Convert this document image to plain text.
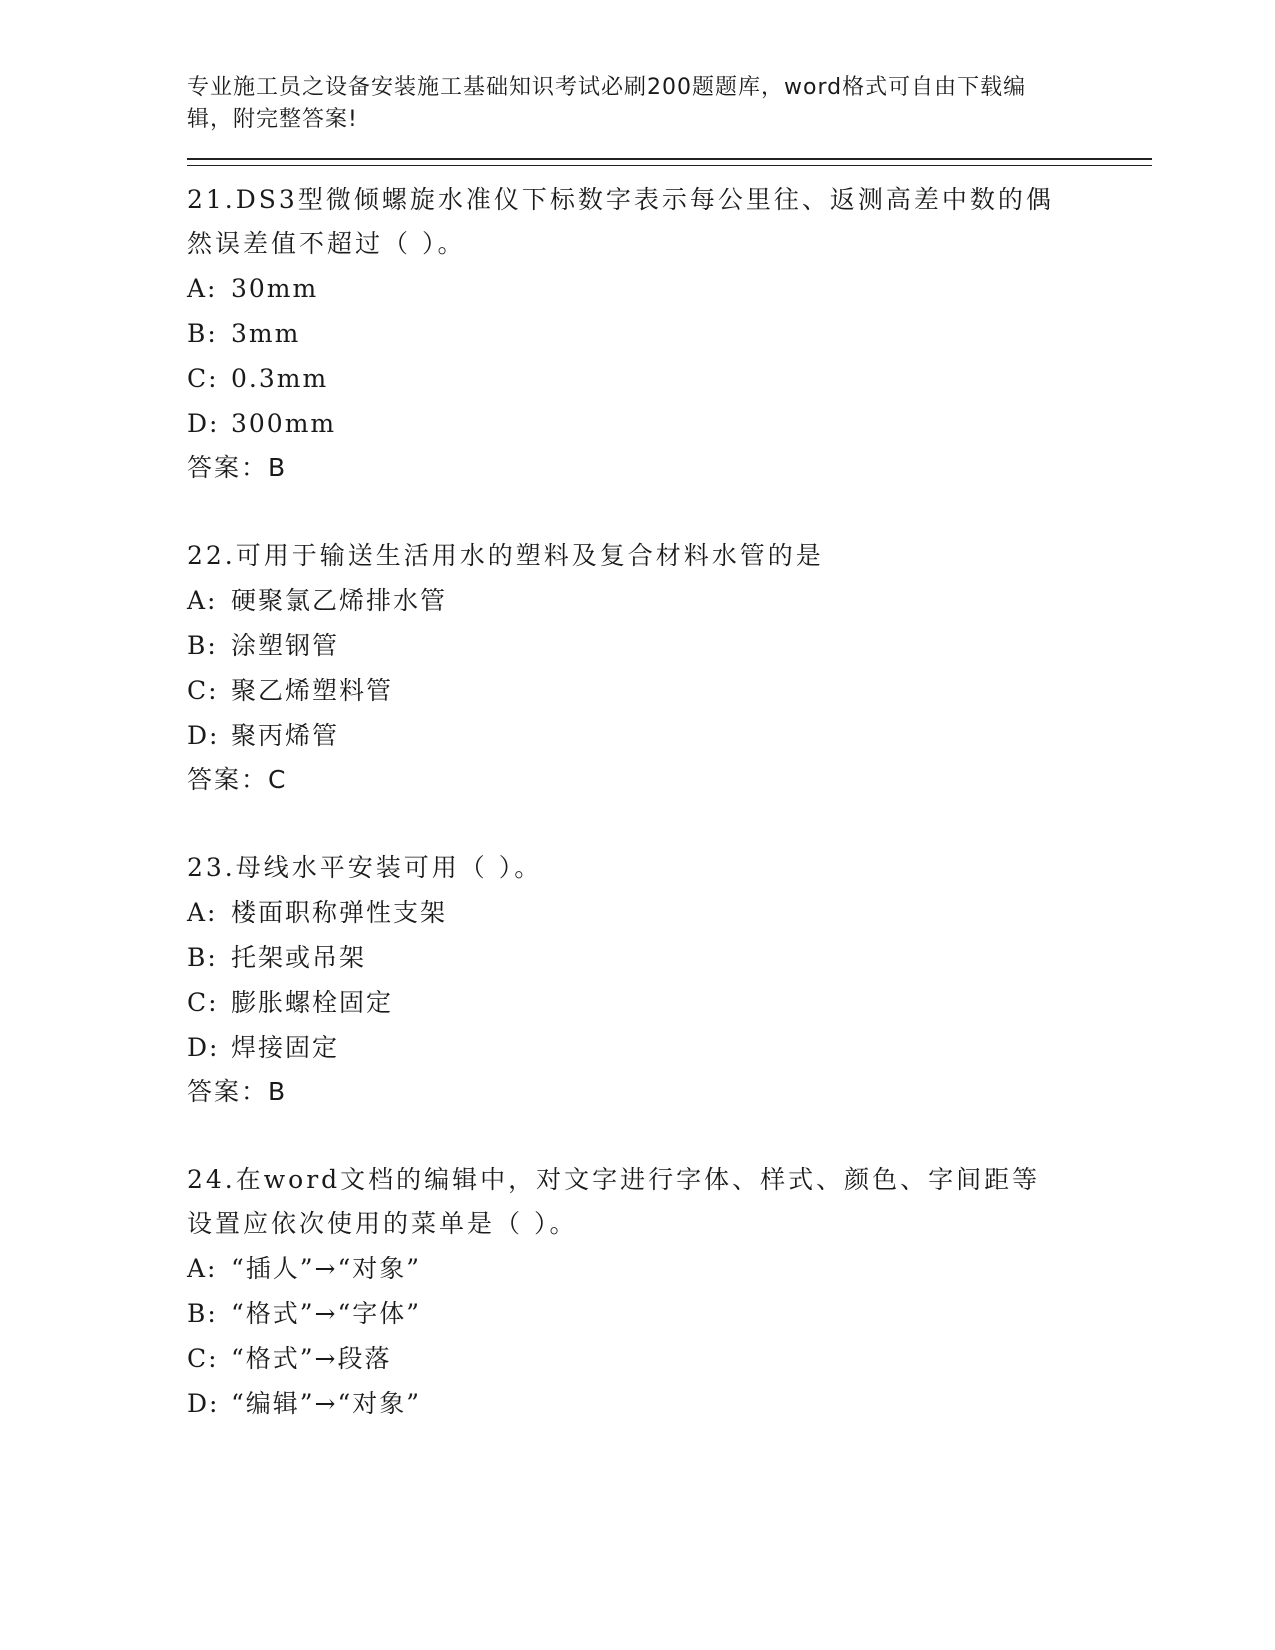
专业施工员之设备安装施工基础知识考试必刷200题题库，word格式可自由下载编辑，附完整答案!

21.DS3型微倾螺旋水准仪下标数字表示每公里往、返测高差中数的偶然误差值不超过（ ）。

A: 30mm

B: 3mm

C: 0.3mm

D: 300mm

答案：B

22.可用于输送生活用水的塑料及复合材料水管的是

A: 硬聚氯乙烯排水管

B: 涂塑钢管

C: 聚乙烯塑料管

D: 聚丙烯管

答案：C

23.母线水平安装可用（ ）。

A: 楼面职称弹性支架

B: 托架或吊架

C: 膨胀螺栓固定

D: 焊接固定

答案：B

24.在word文档的编辑中，对文字进行字体、样式、颜色、字间距等设置应依次使用的菜单是（ ）。

A: “插人”→“对象”

B: “格式”→“字体”

C: “格式”→段落

D: “编辑”→“对象”
